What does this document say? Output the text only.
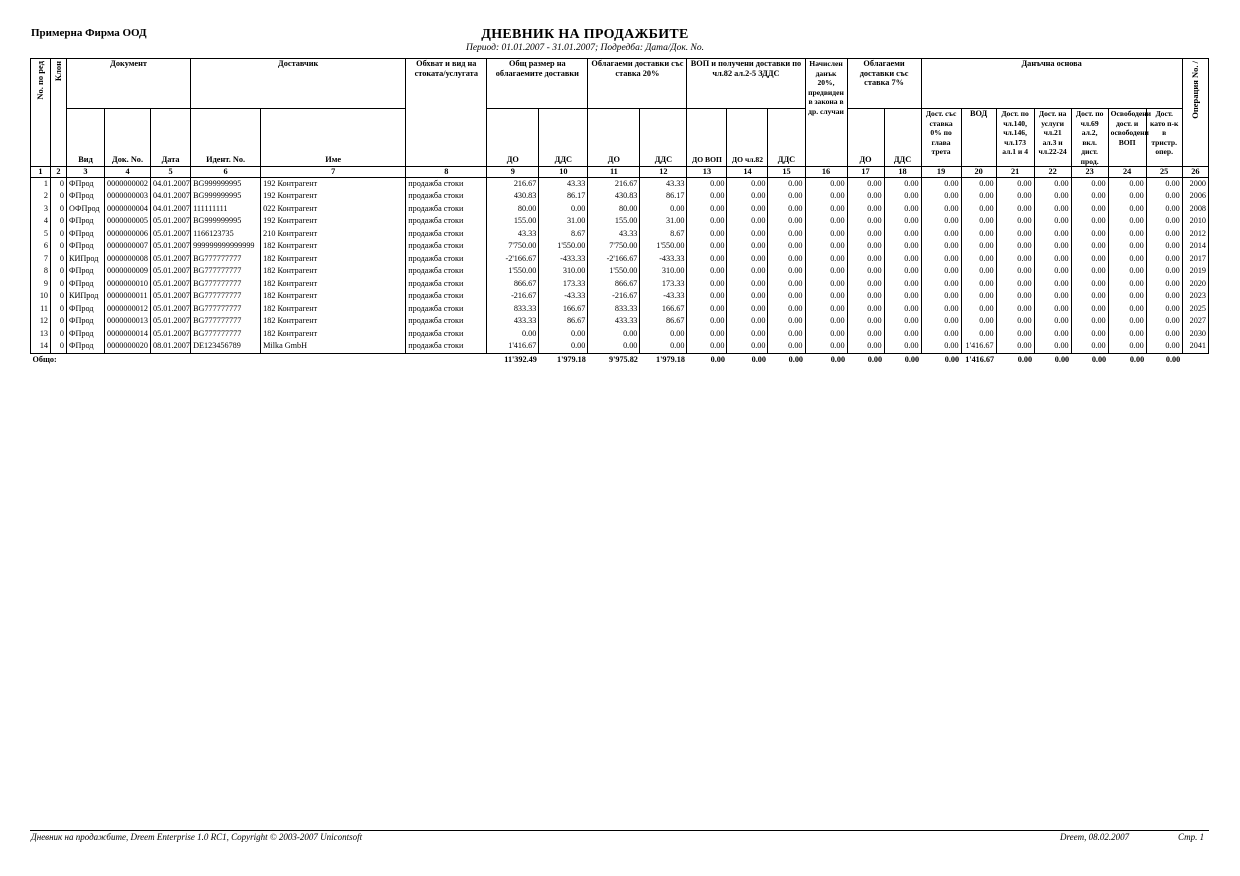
Примерна Фирма ООД	ДНЕВНИК НА ПРОДАЖБИТЕ
Период: 01.01.2007 - 31.01.2007; Подредба: Дата/Док. No.
No. по ред	Клон	Документ			Доставчик		Обхват и вид на стоката/услугата	Общ размер на облагаемите доставки		Облагаеми доставки със ставка 20%		ВОП и получени доставки по чл.82 ал.2-5 ЗДДС			Начислен данък 20%, предвиден в закона в др. случаи	Облагаеми доставки със ставка 7%		Данъчна основа							Операция No. /

		Вид	Док. No.	Дата	Идент. No.	Име		ДО	ДДС	ДО	ДДС	ДО ВОП	ДО чл.82	ДДС		ДО	ДДС	Дост. със ставка 0% по глава трета	ВОД	Дост. по чл.140, чл.146, чл.173 ал.1 и 4	Дост. на услуги чл.21 ал.3 и чл.22-24	Дост. по чл.69 ал.2, вкл. дист. прод.	Освободени дост. и освободени ВОП	Дост. като п-к в тристр. опер.	
1	2	3	4	5	6	7	8	9	10	11	12	13	14	15	16	17	18	19	20	21	22	23	24	25	26
1	0	ФПрод	0000000002	04.01.2007	BG999999995	192 Контрагент	продажба стоки	216.67	43.33	216.67	43.33	0.00	0.00	0.00	0.00	0.00	0.00	0.00	0.00	0.00	0.00	0.00	0.00	0.00	2000
2	0	ФПрод	0000000003	04.01.2007	BG999999995	192 Контрагент	продажба стоки	430.83	86.17	430.83	86.17	0.00	0.00	0.00	0.00	0.00	0.00	0.00	0.00	0.00	0.00	0.00	0.00	0.00	2006
3	0	ОФПрод	0000000004	04.01.2007	111111111	022 Контрагент	продажба стоки	80.00	0.00	80.00	0.00	0.00	0.00	0.00	0.00	0.00	0.00	0.00	0.00	0.00	0.00	0.00	0.00	0.00	2008
4	0	ФПрод	0000000005	05.01.2007	BG999999995	192 Контрагент	продажба стоки	155.00	31.00	155.00	31.00	0.00	0.00	0.00	0.00	0.00	0.00	0.00	0.00	0.00	0.00	0.00	0.00	0.00	2010
5	0	ФПрод	0000000006	05.01.2007	1166123735	210 Контрагент	продажба стоки	43.33	8.67	43.33	8.67	0.00	0.00	0.00	0.00	0.00	0.00	0.00	0.00	0.00	0.00	0.00	0.00	0.00	2012
6	0	ФПрод	0000000007	05.01.2007	999999999999999	182 Контрагент	продажба стоки	7'750.00	1'550.00	7'750.00	1'550.00	0.00	0.00	0.00	0.00	0.00	0.00	0.00	0.00	0.00	0.00	0.00	0.00	0.00	2014
7	0	КИПрод	0000000008	05.01.2007	BG777777777	182 Контрагент	продажба стоки	-2'166.67	-433.33	-2'166.67	-433.33	0.00	0.00	0.00	0.00	0.00	0.00	0.00	0.00	0.00	0.00	0.00	0.00	0.00	2017
8	0	ФПрод	0000000009	05.01.2007	BG777777777	182 Контрагент	продажба стоки	1'550.00	310.00	1'550.00	310.00	0.00	0.00	0.00	0.00	0.00	0.00	0.00	0.00	0.00	0.00	0.00	0.00	0.00	2019
9	0	ФПрод	0000000010	05.01.2007	BG777777777	182 Контрагент	продажба стоки	866.67	173.33	866.67	173.33	0.00	0.00	0.00	0.00	0.00	0.00	0.00	0.00	0.00	0.00	0.00	0.00	0.00	2020
10	0	КИПрод	0000000011	05.01.2007	BG777777777	182 Контрагент	продажба стоки	-216.67	-43.33	-216.67	-43.33	0.00	0.00	0.00	0.00	0.00	0.00	0.00	0.00	0.00	0.00	0.00	0.00	0.00	2023
11	0	ФПрод	0000000012	05.01.2007	BG777777777	182 Контрагент	продажба стоки	833.33	166.67	833.33	166.67	0.00	0.00	0.00	0.00	0.00	0.00	0.00	0.00	0.00	0.00	0.00	0.00	0.00	2025
12	0	ФПрод	0000000013	05.01.2007	BG777777777	182 Контрагент	продажба стоки	433.33	86.67	433.33	86.67	0.00	0.00	0.00	0.00	0.00	0.00	0.00	0.00	0.00	0.00	0.00	0.00	0.00	2027
13	0	ФПрод	0000000014	05.01.2007	BG777777777	182 Контрагент	продажба стоки	0.00	0.00	0.00	0.00	0.00	0.00	0.00	0.00	0.00	0.00	0.00	0.00	0.00	0.00	0.00	0.00	0.00	2030
14	0	ФПрод	0000000020	08.01.2007	DE123456789	Milka GmbH	продажба стоки	1'416.67	0.00	0.00	0.00	0.00	0.00	0.00	0.00	0.00	0.00	0.00	1'416.67	0.00	0.00	0.00	0.00	0.00	2041
Общо:								11'392.49	1'979.18	9'975.82	1'979.18	0.00	0.00	0.00	0.00	0.00	0.00	0.00	1'416.67	0.00	0.00	0.00	0.00	0.00	
Дневник на продажбите, Dreem Enterprise 1.0 RC1, Copyright © 2003-2007 Unicontsoft	Dreem, 08.02.2007	Стр. 1
